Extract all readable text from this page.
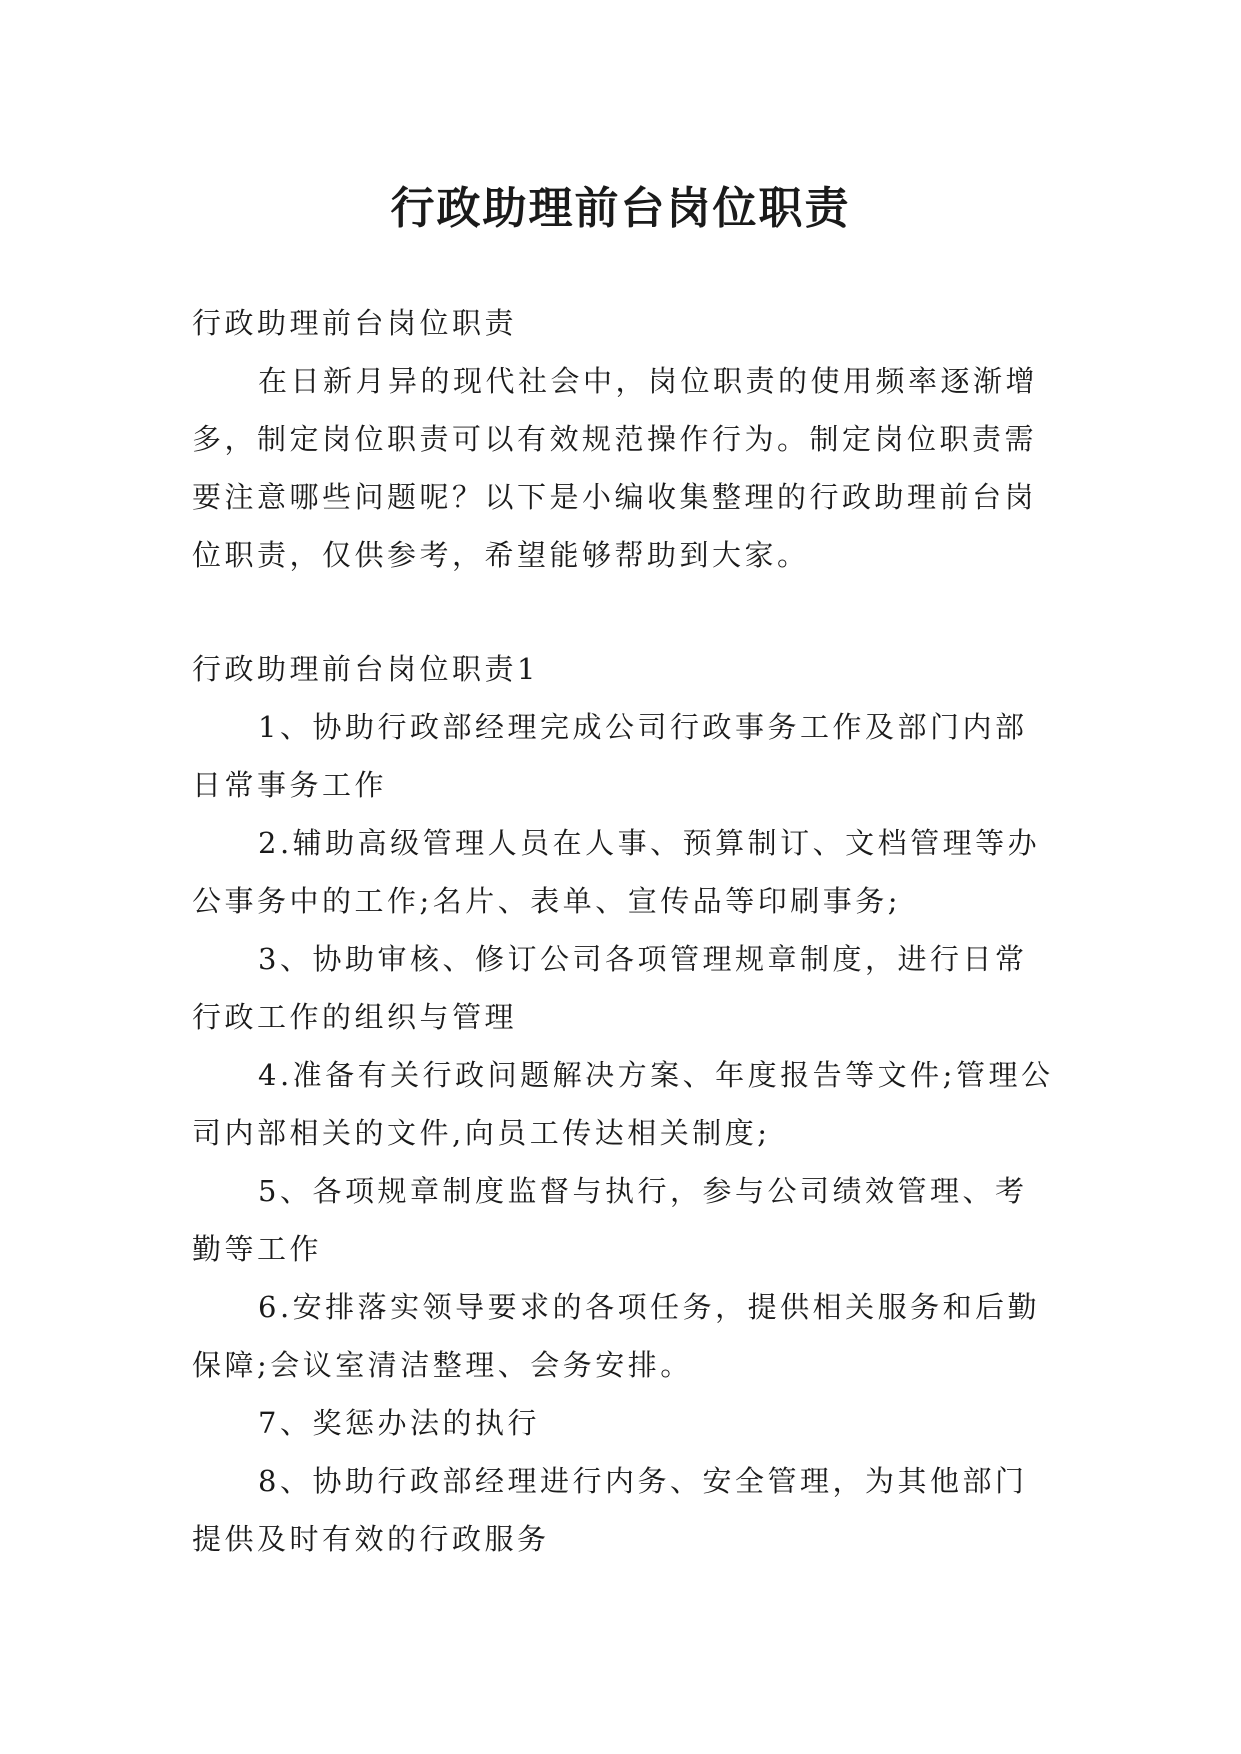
行政助理前台岗位职责

行政助理前台岗位职责

在日新月异的现代社会中，岗位职责的使用频率逐渐增多，制定岗位职责可以有效规范操作行为。制定岗位职责需要注意哪些问题呢？以下是小编收集整理的行政助理前台岗位职责，仅供参考，希望能够帮助到大家。

行政助理前台岗位职责1

1、协助行政部经理完成公司行政事务工作及部门内部日常事务工作

2.辅助高级管理人员在人事、预算制订、文档管理等办公事务中的工作;名片、表单、宣传品等印刷事务;

3、协助审核、修订公司各项管理规章制度，进行日常行政工作的组织与管理

4.准备有关行政问题解决方案、年度报告等文件;管理公司内部相关的文件,向员工传达相关制度;

5、各项规章制度监督与执行，参与公司绩效管理、考勤等工作

6.安排落实领导要求的各项任务，提供相关服务和后勤保障;会议室清洁整理、会务安排。

7、奖惩办法的执行

8、协助行政部经理进行内务、安全管理，为其他部门提供及时有效的行政服务
